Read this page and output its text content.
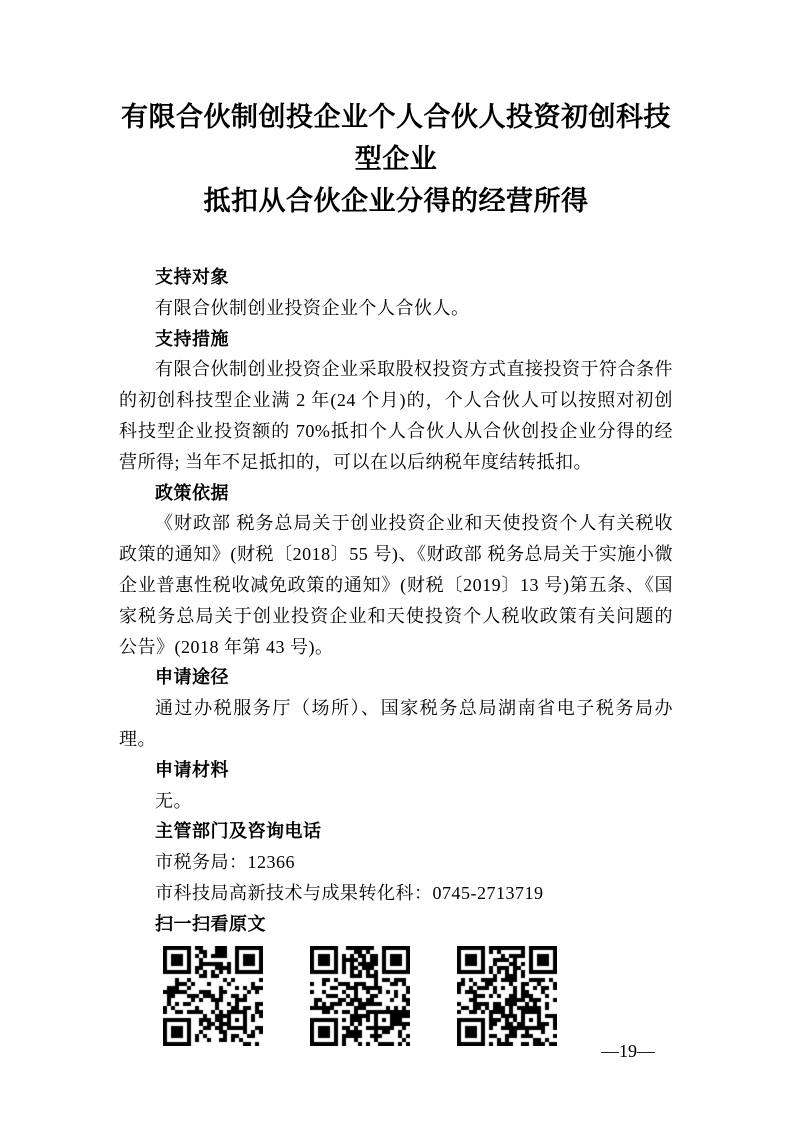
有限合伙制创投企业个人合伙人投资初创科技型企业
抵扣从合伙企业分得的经营所得
支持对象

有限合伙制创业投资企业个人合伙人。

支持措施

有限合伙制创业投资企业采取股权投资方式直接投资于符合条件的初创科技型企业满 2 年(24 个月)的，个人合伙人可以按照对初创科技型企业投资额的 70%抵扣个人合伙人从合伙创投企业分得的经营所得; 当年不足抵扣的，可以在以后纳税年度结转抵扣。

政策依据

《财政部 税务总局关于创业投资企业和天使投资个人有关税收政策的通知》(财税〔2018〕55 号)、《财政部 税务总局关于实施小微企业普惠性税收减免政策的通知》(财税〔2019〕13 号)第五条、《国家税务总局关于创业投资企业和天使投资个人税收政策有关问题的公告》(2018 年第 43 号)。

申请途径

通过办税服务厅（场所）、国家税务总局湖南省电子税务局办理。

申请材料

无。

主管部门及咨询电话

市税务局：12366

市科技局高新技术与成果转化科：0745-2713719

扫一扫看原文
—19—
